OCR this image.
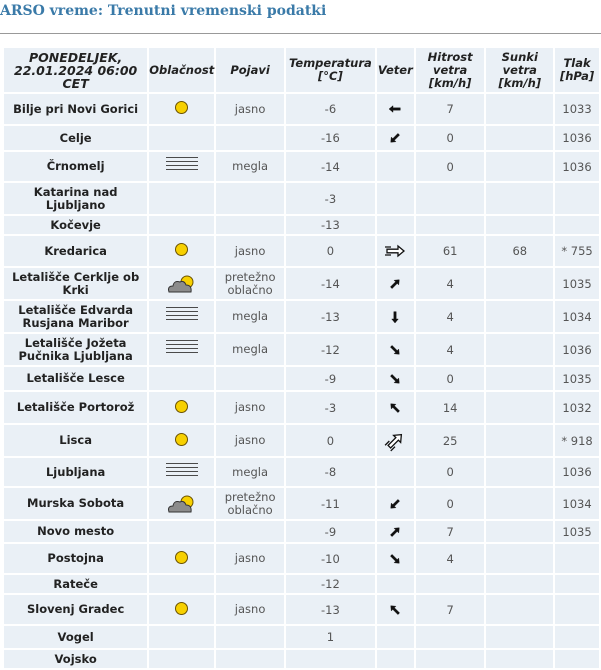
ARSO vreme: Trenutni vremenski podatki
PONEDELJEK, 22.01.2024 06:00 CET	Oblačnost	Pojavi	Temperatura [°C]	Veter	Hitrost vetra [km/h]	Sunki vetra [km/h]	Tlak [hPa]
Bilje pri Novi Gorici		jasno	-6		7		1033
Celje			-16		0		1036
Črnomelj		megla	-14		0		1036
Katarina nad Ljubljano			-3				
Kočevje			-13				
Kredarica		jasno	0		61	68	* 755
Letališče Cerklje ob Krki		pretežno oblačno	-14		4		1035
Letališče Edvarda Rusjana Maribor		megla	-13		4		1034
Letališče Jožeta Pučnika Ljubljana		megla	-12		4		1036
Letališče Lesce			-9		0		1035
Letališče Portorož		jasno	-3		14		1032
Lisca		jasno	0		25		* 918
Ljubljana		megla	-8		0		1036
Murska Sobota		pretežno oblačno	-11		0		1034
Novo mesto			-9		7		1035
Postojna		jasno	-10		4		
Rateče			-12				
Slovenj Gradec		jasno	-13		7		
Vogel			1				
Vojsko							
